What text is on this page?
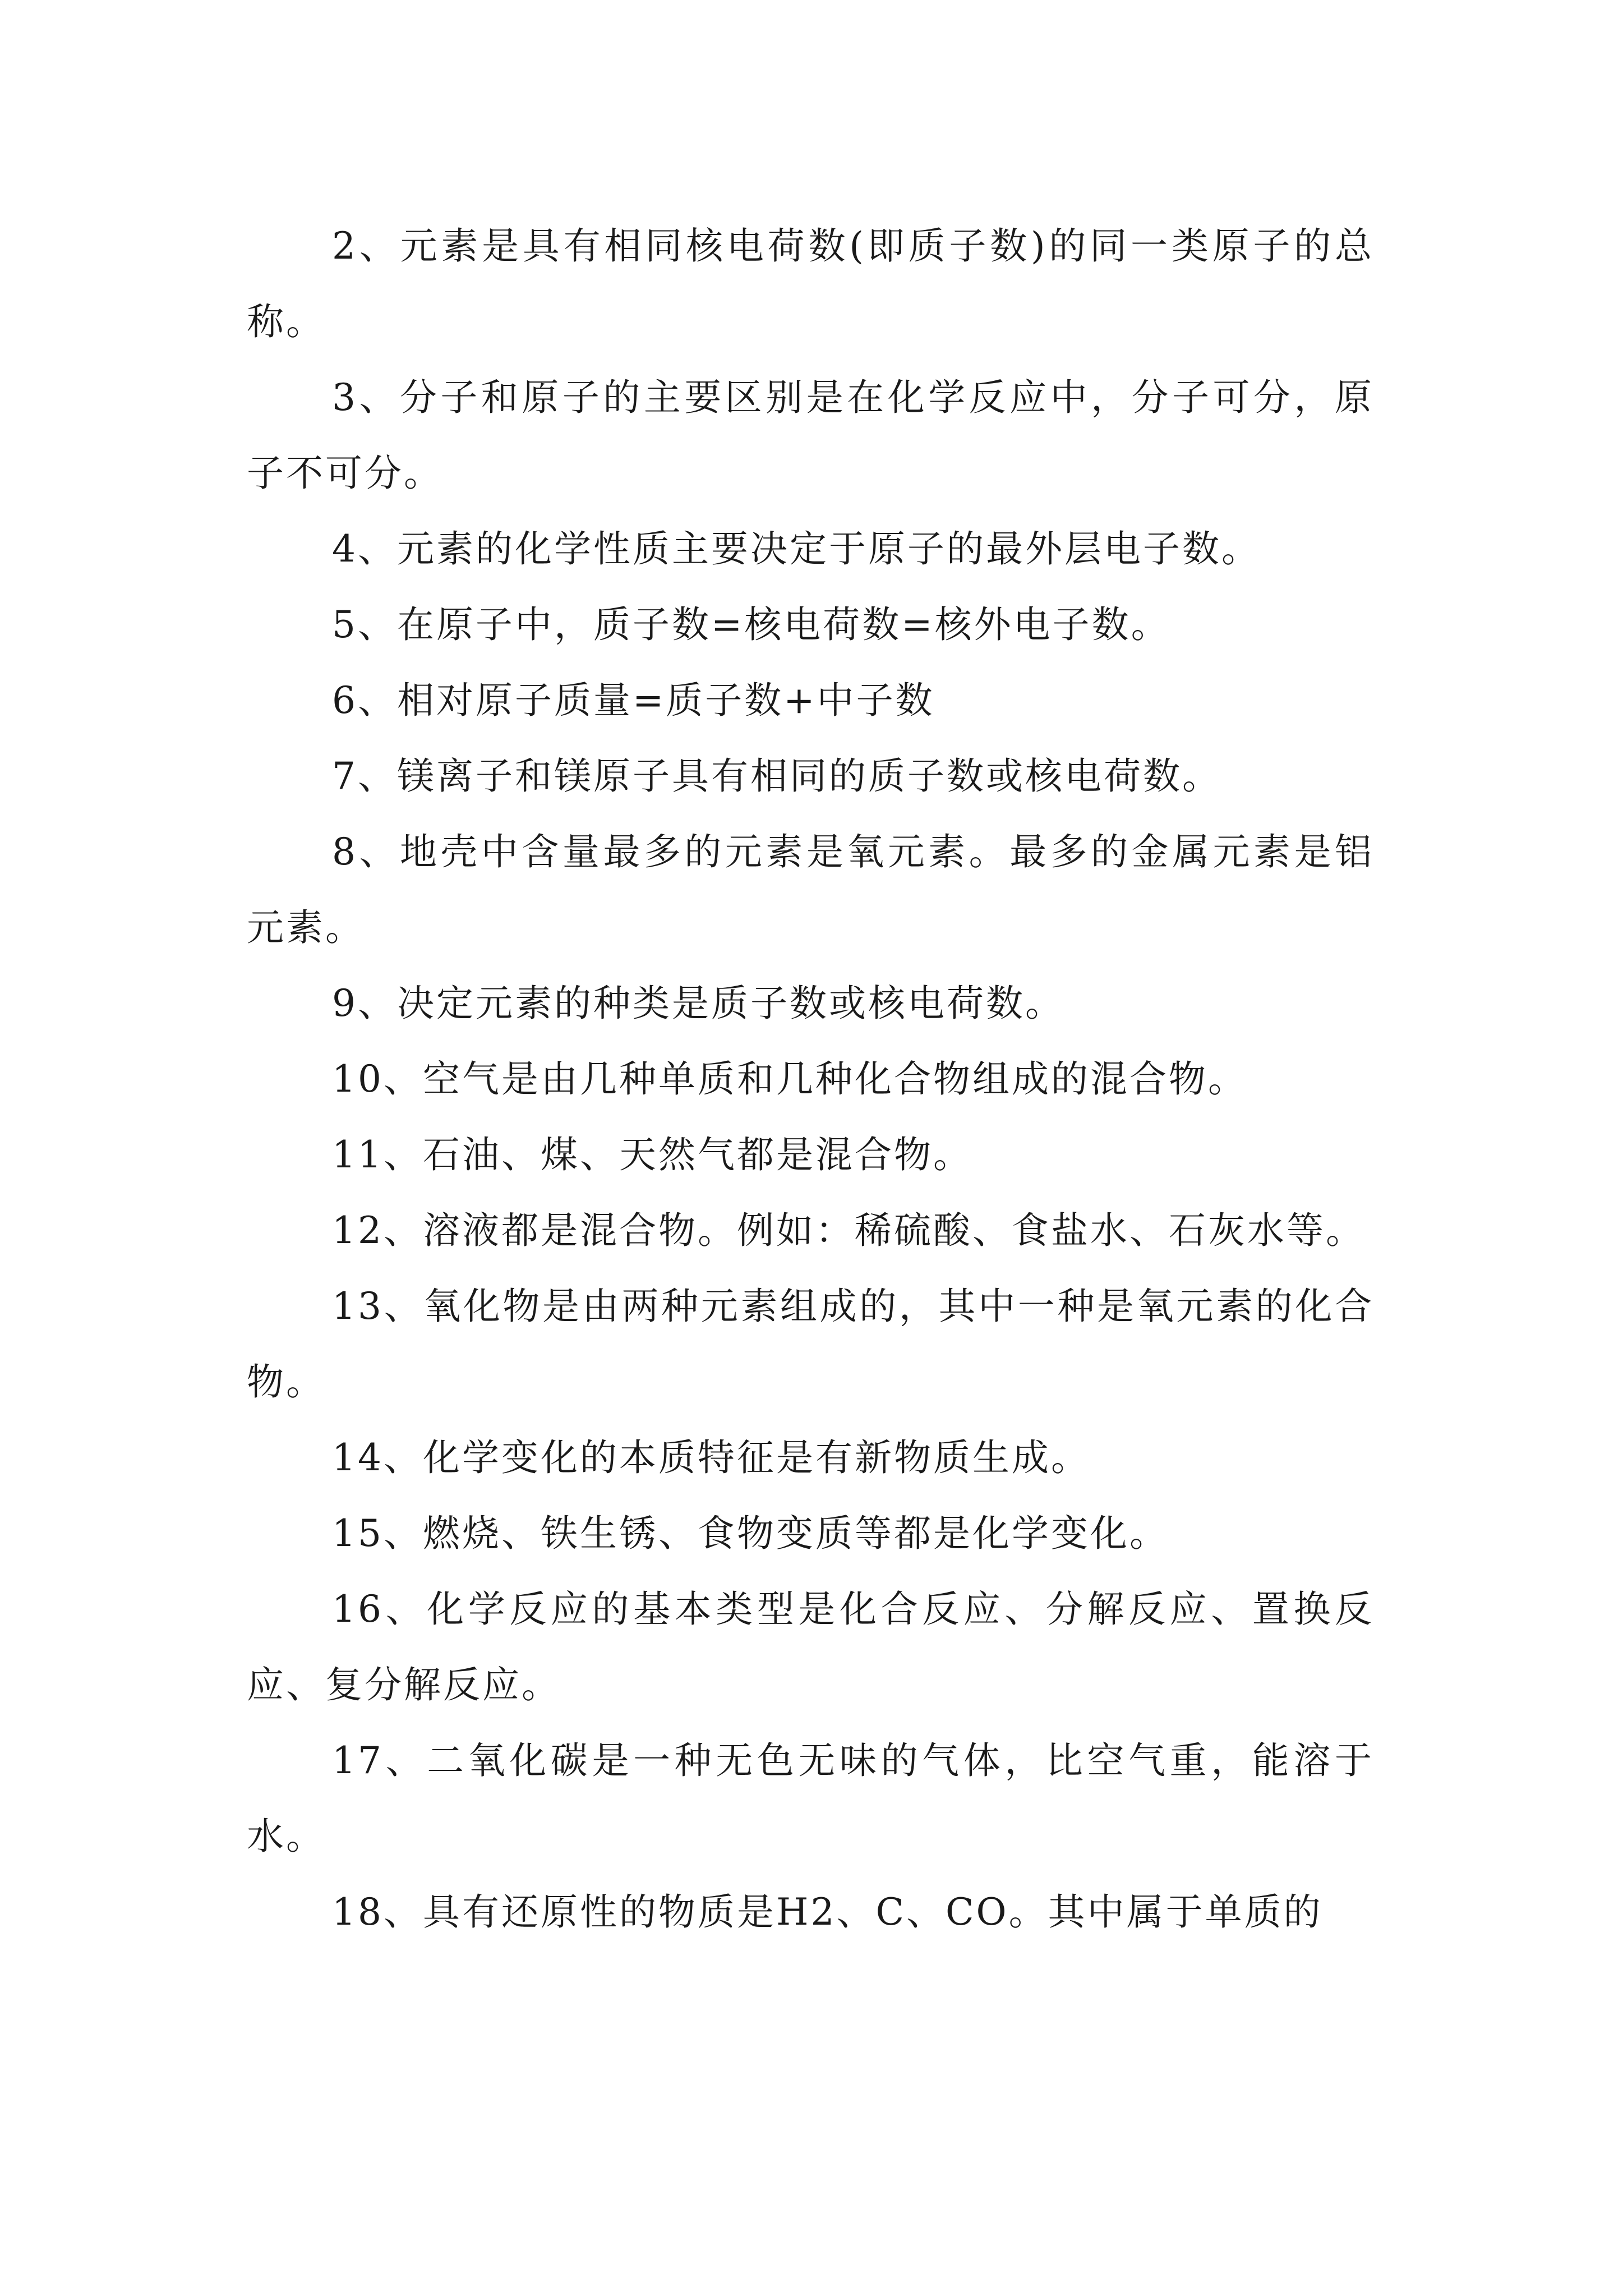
2、元素是具有相同核电荷数(即质子数)的同一类原子的总称。

3、分子和原子的主要区别是在化学反应中，分子可分，原子不可分。

4、元素的化学性质主要决定于原子的最外层电子数。

5、在原子中，质子数=核电荷数=核外电子数。

6、相对原子质量=质子数+中子数

7、镁离子和镁原子具有相同的质子数或核电荷数。

8、地壳中含量最多的元素是氧元素。最多的金属元素是铝元素。

9、决定元素的种类是质子数或核电荷数。

10、空气是由几种单质和几种化合物组成的混合物。

11、石油、煤、天然气都是混合物。

12、溶液都是混合物。例如：稀硫酸、食盐水、石灰水等。

13、氧化物是由两种元素组成的，其中一种是氧元素的化合物。

14、化学变化的本质特征是有新物质生成。

15、燃烧、铁生锈、食物变质等都是化学变化。

16、化学反应的基本类型是化合反应、分解反应、置换反应、复分解反应。

17、二氧化碳是一种无色无味的气体，比空气重，能溶于水。

18、具有还原性的物质是H2、C、CO。其中属于单质的
